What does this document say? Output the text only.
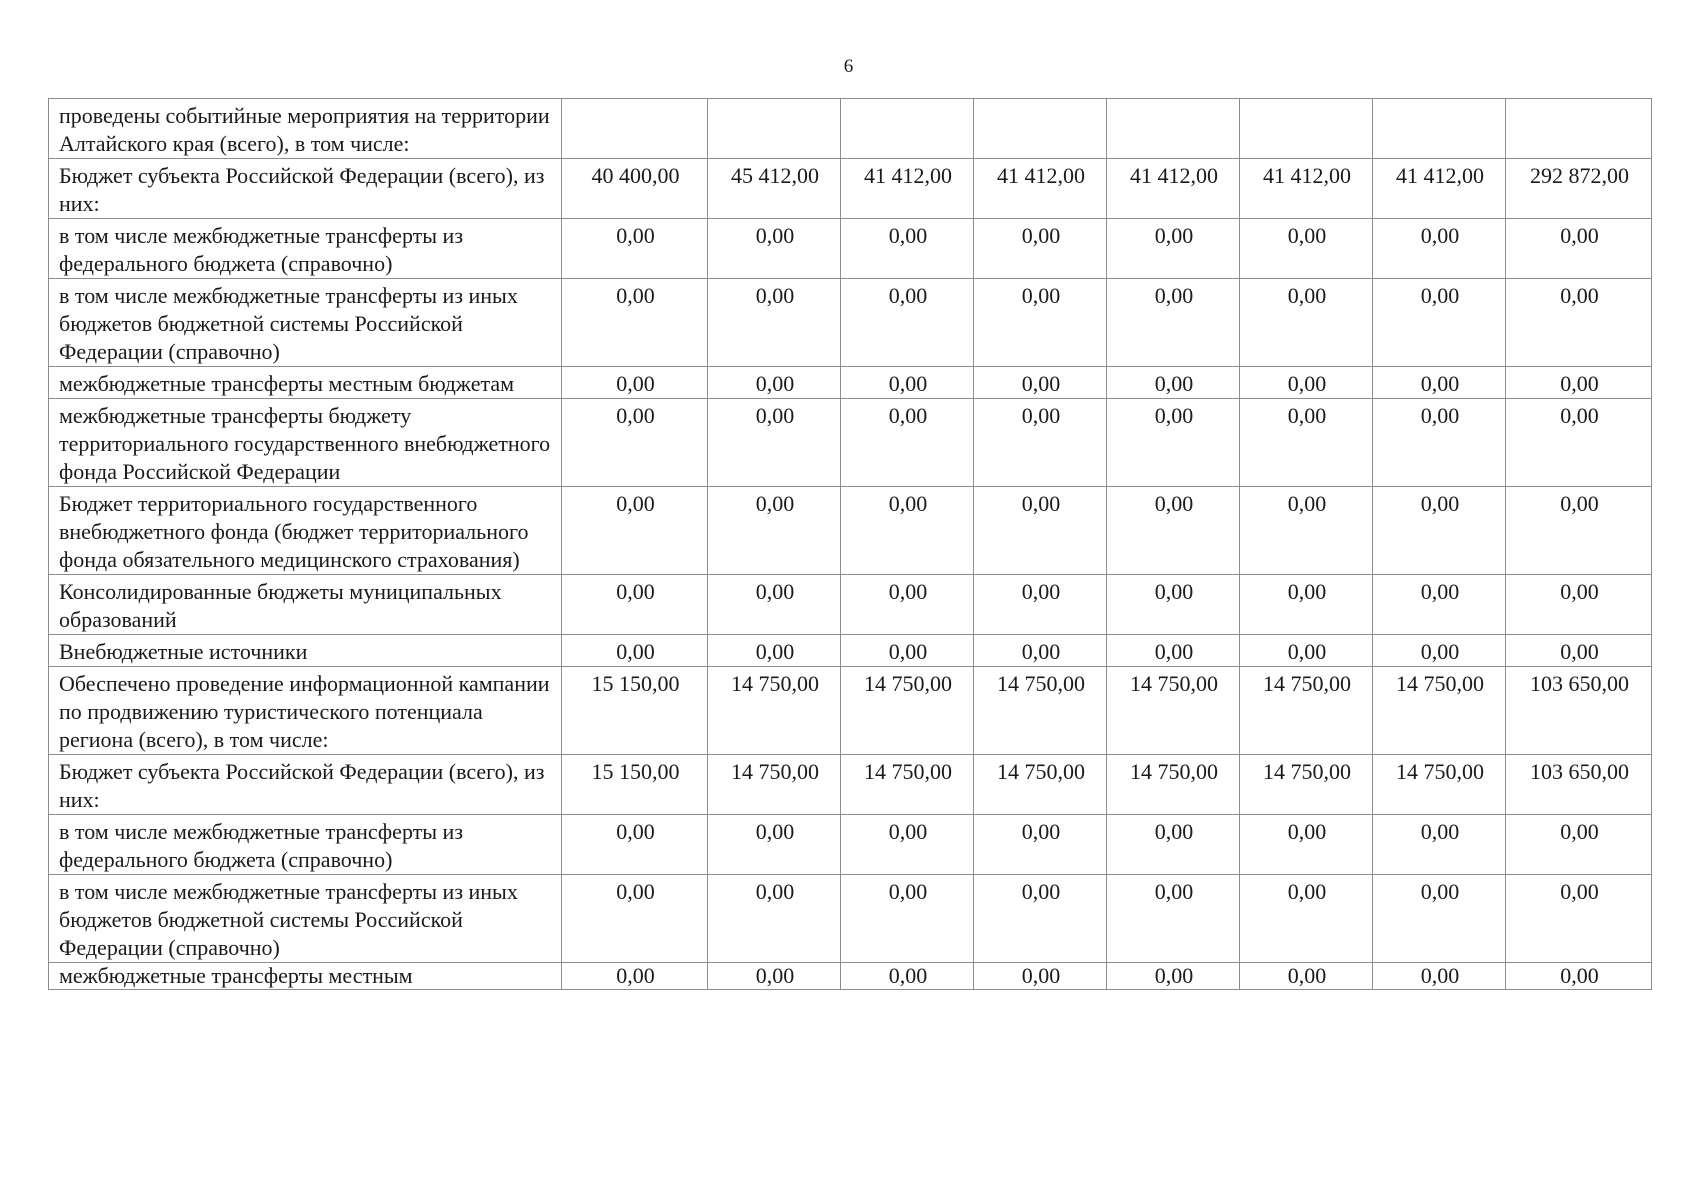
6
проведены событийные мероприятия на территории Алтайского края (всего), в том числе:								
Бюджет субъекта Российской Федерации (всего), из них:	40 400,00	45 412,00	41 412,00	41 412,00	41 412,00	41 412,00	41 412,00	292 872,00
в том числе межбюджетные трансферты из федерального бюджета (справочно)	0,00	0,00	0,00	0,00	0,00	0,00	0,00	0,00
в том числе межбюджетные трансферты из иных бюджетов бюджетной системы Российской Федерации (справочно)	0,00	0,00	0,00	0,00	0,00	0,00	0,00	0,00
межбюджетные трансферты местным бюджетам	0,00	0,00	0,00	0,00	0,00	0,00	0,00	0,00
межбюджетные трансферты бюджету территориального государственного внебюджетного фонда Российской Федерации	0,00	0,00	0,00	0,00	0,00	0,00	0,00	0,00
Бюджет территориального государственного внебюджетного фонда (бюджет территориального фонда обязательного медицинского страхования)	0,00	0,00	0,00	0,00	0,00	0,00	0,00	0,00
Консолидированные бюджеты муниципальных образований	0,00	0,00	0,00	0,00	0,00	0,00	0,00	0,00
Внебюджетные источники	0,00	0,00	0,00	0,00	0,00	0,00	0,00	0,00
Обеспечено проведение информационной кампании по продвижению туристического потенциала региона (всего), в том числе:	15 150,00	14 750,00	14 750,00	14 750,00	14 750,00	14 750,00	14 750,00	103 650,00
Бюджет субъекта Российской Федерации (всего), из них:	15 150,00	14 750,00	14 750,00	14 750,00	14 750,00	14 750,00	14 750,00	103 650,00
в том числе межбюджетные трансферты из федерального бюджета (справочно)	0,00	0,00	0,00	0,00	0,00	0,00	0,00	0,00
в том числе межбюджетные трансферты из иных бюджетов бюджетной системы Российской Федерации (справочно)	0,00	0,00	0,00	0,00	0,00	0,00	0,00	0,00
межбюджетные трансферты местным	0,00	0,00	0,00	0,00	0,00	0,00	0,00	0,00
